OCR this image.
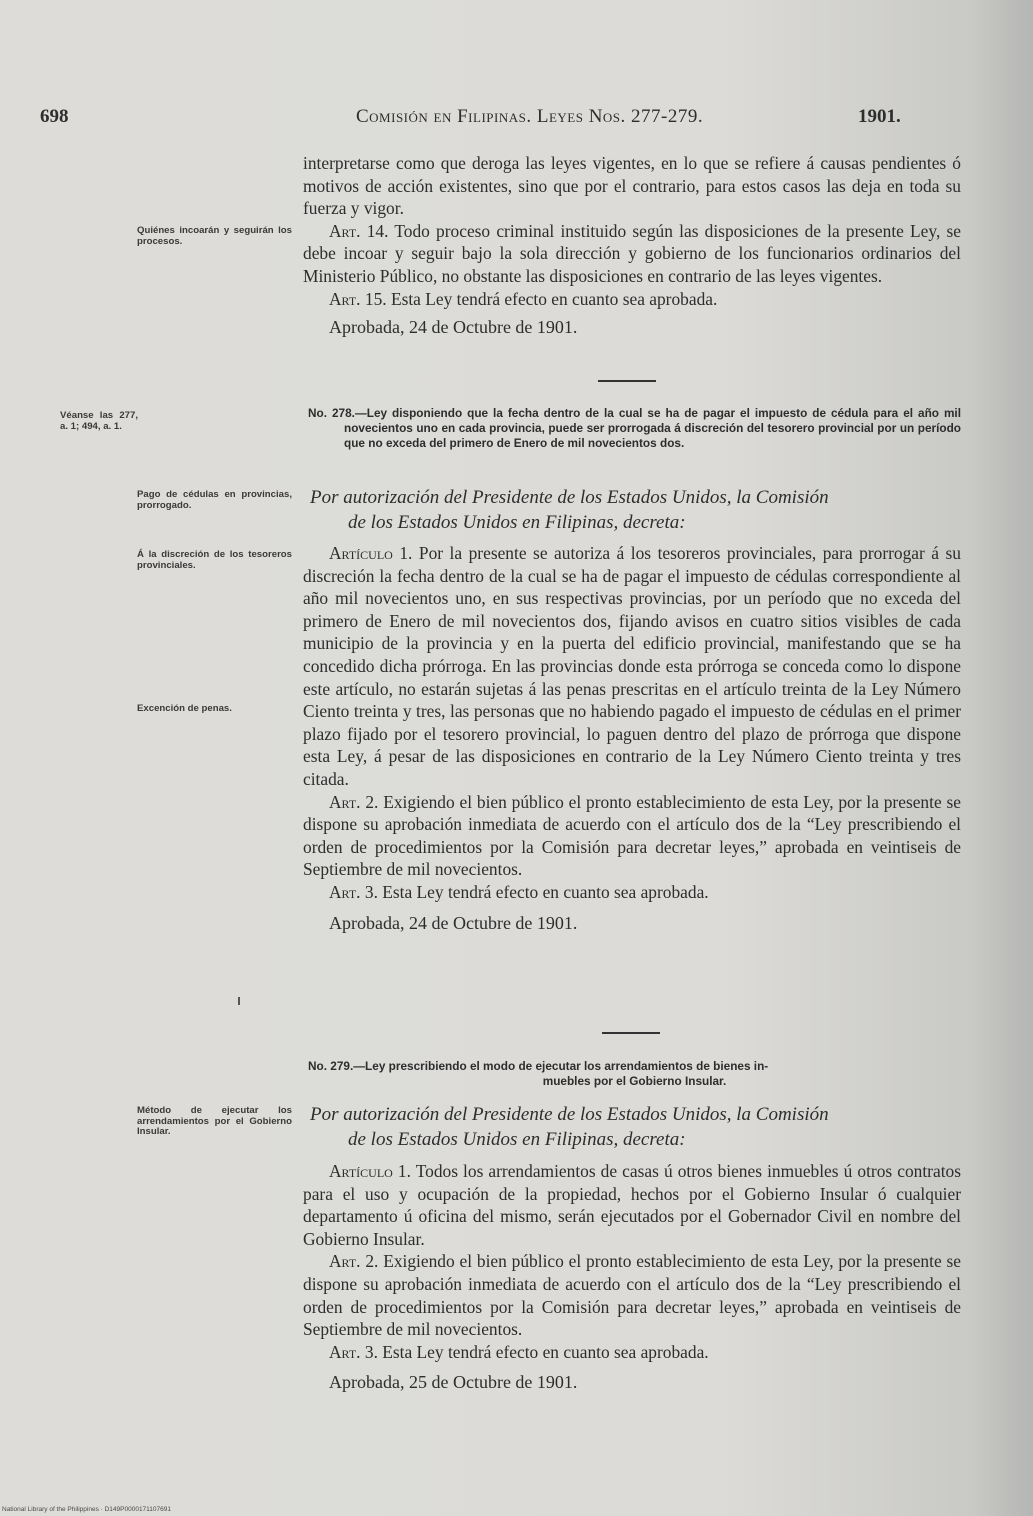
698	Comisión en Filipinas. Leyes Nos. 277-279.	1901.

interpretarse como que deroga las leyes vigentes, en lo que se refiere á causas pendientes ó motivos de acción existentes, sino que por el contrario, para estos casos las deja en toda su fuerza y vigor.

Art. 14. Todo proceso criminal instituido según las disposiciones de la presente Ley, se debe incoar y seguir bajo la sola dirección y gobierno de los funcionarios ordinarios del Ministerio Público, no obstante las disposiciones en contrario de las leyes vigentes.

Art. 15. Esta Ley tendrá efecto en cuanto sea aprobada.

Aprobada, 24 de Octubre de 1901.

No. 278.—Ley disponiendo que la fecha dentro de la cual se ha de pagar el impuesto de cédula para el año mil novecientos uno en cada provincia, puede ser prorrogada á discreción del tesorero provincial por un período que no exceda del primero de Enero de mil novecientos dos.
Por autorización del Presidente de los Estados Unidos, la Comisión
de los Estados Unidos en Filipinas, decreta:

Artículo 1. Por la presente se autoriza á los tesoreros provinciales, para prorrogar á su discreción la fecha dentro de la cual se ha de pagar el impuesto de cédulas correspondiente al año mil novecientos uno, en sus respectivas provincias, por un período que no exceda del primero de Enero de mil novecientos dos, fijando avisos en cuatro sitios visibles de cada municipio de la provincia y en la puerta del edificio provincial, manifestando que se ha concedido dicha prórroga. En las provincias donde esta prórroga se conceda como lo dispone este artículo, no estarán sujetas á las penas prescritas en el artículo treinta de la Ley Número Ciento treinta y tres, las personas que no habiendo pagado el impuesto de cédulas en el primer plazo fijado por el tesorero provincial, lo paguen dentro del plazo de prórroga que dispone esta Ley, á pesar de las disposiciones en contrario de la Ley Número Ciento treinta y tres citada.

Art. 2. Exigiendo el bien público el pronto establecimiento de esta Ley, por la presente se dispone su aprobación inmediata de acuerdo con el artículo dos de la “Ley prescribiendo el orden de procedimientos por la Comisión para decretar leyes,” aprobada en veintiseis de Septiembre de mil novecientos.

Art. 3. Esta Ley tendrá efecto en cuanto sea aprobada.

Aprobada, 24 de Octubre de 1901.

No. 279.—Ley prescribiendo el modo de ejecutar los arrendamientos de bienes in-
muebles por el Gobierno Insular.
Por autorización del Presidente de los Estados Unidos, la Comisión
de los Estados Unidos en Filipinas, decreta:

Artículo 1. Todos los arrendamientos de casas ú otros bienes inmuebles ú otros contratos para el uso y ocupación de la propiedad, hechos por el Gobierno Insular ó cualquier departamento ú oficina del mismo, serán ejecutados por el Gobernador Civil en nombre del Gobierno Insular.

Art. 2. Exigiendo el bien público el pronto establecimiento de esta Ley, por la presente se dispone su aprobación inmediata de acuerdo con el artículo dos de la “Ley prescribiendo el orden de procedimientos por la Comisión para decretar leyes,” aprobada en veintiseis de Septiembre de mil novecientos.

Art. 3. Esta Ley tendrá efecto en cuanto sea aprobada.

Aprobada, 25 de Octubre de 1901.

Quiénes incoarán y seguirán los procesos.
Véanse las 277, a. 1; 494, a. 1.
Pago de cédulas en provincias, prorrogado.
Á la discreción de los tesoreros provinciales.
Excención de penas.
Método de ejecutar los arrendamientos por el Gobierno Insular.
National Library of the Philippines · D149P0000171107691
